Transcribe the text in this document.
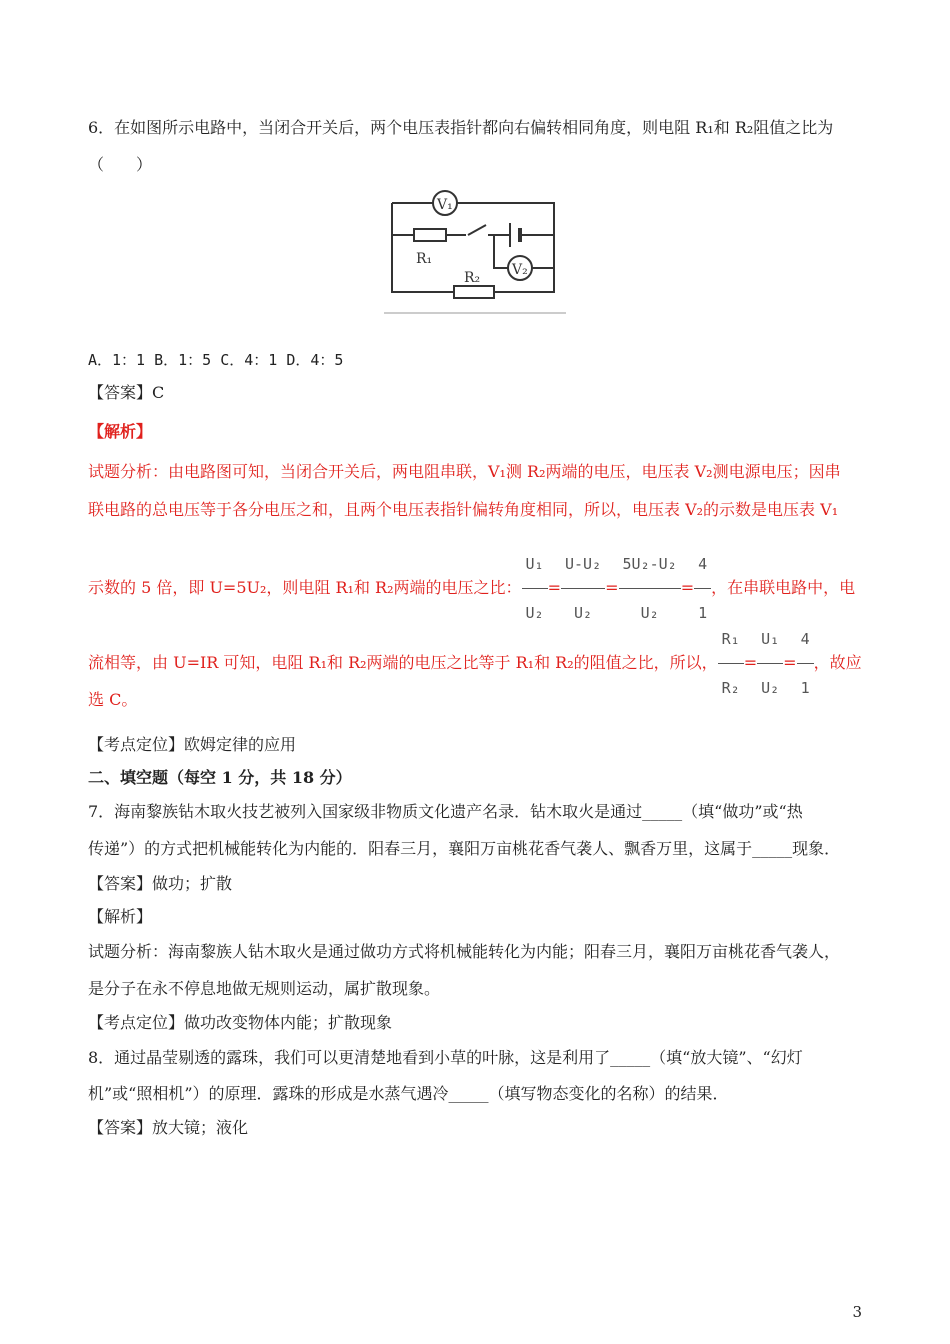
6．在如图所示电路中，当闭合开关后，两个电压表指针都向右偏转相同角度，则电阻 R₁和 R₂阻值之比为
（　　）
V₁
V₂
R₁
R₂
A．1：1 B．1：5 C．4：1 D．4：5
【答案】C
【解析】
试题分析：由电路图可知，当闭合开关后，两电阻串联，V₁测 R₂两端的电压，电压表 V₂测电源电压；因串
联电路的总电压等于各分电压之和，且两个电压表指针偏转角度相同，所以，电压表 V₂的示数是电压表 V₁
示数的 5 倍，即 U=5U₂，则电阻 R₁和 R₂两端的电压之比： $\frac{\text{U₁}}{\text{U₂}} = \frac{\text{U-U₂}}{\text{U₂}} = \frac{\text{5U₂-U₂}}{\text{U₂}} = \frac{4}{1}$ ，在串联电路中，电
流相等，由 U=IR 可知，电阻 R₁和 R₂两端的电压之比等于 R₁和 R₂的阻值之比，所以， $\frac{\text{R₁}}{\text{R₂}} = \frac{\text{U₁}}{\text{U₂}} = \frac{4}{1}$ ，故应
选 C。
【考点定位】欧姆定律的应用
二、填空题（每空 1 分，共 18 分）
7．海南黎族钻木取火技艺被列入国家级非物质文化遗产名录．钻木取火是通过_____（填“做功”或“热
传递”）的方式把机械能转化为内能的．阳春三月，襄阳万亩桃花香气袭人、飘香万里，这属于_____现象．
【答案】做功；扩散
【解析】
试题分析：海南黎族人钻木取火是通过做功方式将机械能转化为内能；阳春三月，襄阳万亩桃花香气袭人，
是分子在永不停息地做无规则运动，属扩散现象。
【考点定位】做功改变物体内能；扩散现象
8．通过晶莹剔透的露珠，我们可以更清楚地看到小草的叶脉，这是利用了_____（填“放大镜”、“幻灯
机”或“照相机”）的原理．露珠的形成是水蒸气遇冷_____（填写物态变化的名称）的结果．
【答案】放大镜；液化
3
